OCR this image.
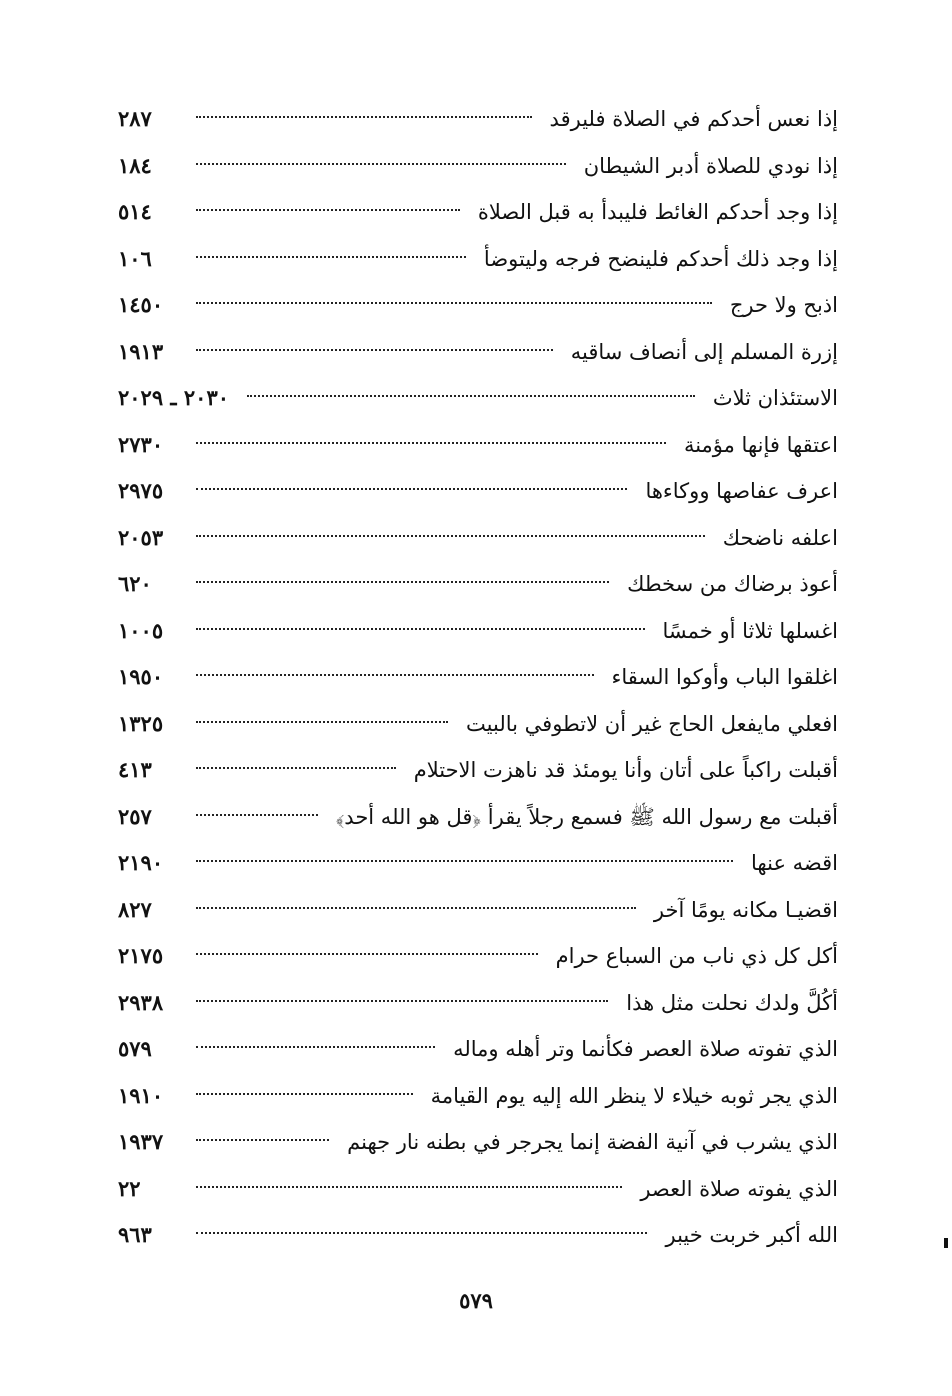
إذا نعس أحدكم في الصلاة فليرقد
٢٨٧
إذا نودي للصلاة أدبر الشيطان
١٨٤
إذا وجد أحدكم الغائط فليبدأ به قبل الصلاة
٥١٤
إذا وجد ذلك أحدكم فلينضح فرجه وليتوضأ
١٠٦
اذبح ولا حرج
١٤٥٠
إزرة المسلم إلى أنصاف ساقيه
١٩١٣
الاستئذان ثلاث
٢٠٣٠ ـ ٢٠٢٩
اعتقها فإنها مؤمنة
٢٧٣٠
اعرف عفاصها ووكاءها
٢٩٧٥
اعلفه ناضحك
٢٠٥٣
أعوذ برضاك من سخطك
٦٢٠
اغسلها ثلاثا أو خمسًا
١٠٠٥
اغلقوا الباب وأوكوا السقاء
١٩٥٠
افعلي مايفعل الحاج غير أن لاتطوفي بالبيت
١٣٢٥
أقبلت راكباً على أتان وأنا يومئذ قد ناهزت الاحتلام
٤١٣
أقبلت مع رسول الله ﷺ فسمع رجلاً يقرأ ﴿قل هو الله أحد﴾
٢٥٧
اقضه عنها
٢١٩٠
اقضيـا مكانه يومًا آخر
٨٢٧
أكل كل ذي ناب من السباع حرام
٢١٧٥
أكُلَّ ولدك نحلت مثل هذا
٢٩٣٨
الذي تفوته صلاة العصر فكأنما وتر أهله وماله
٥٧٩
الذي يجر ثوبه خيلاء لا ينظر الله إليه يوم القيامة
١٩١٠
الذي يشرب في آنية الفضة إنما يجرجر في بطنه نار جهنم
١٩٣٧
الذي يفوته صلاة العصر
٢٢
الله أكبر خربت خيبر
٩٦٣
٥٧٩
